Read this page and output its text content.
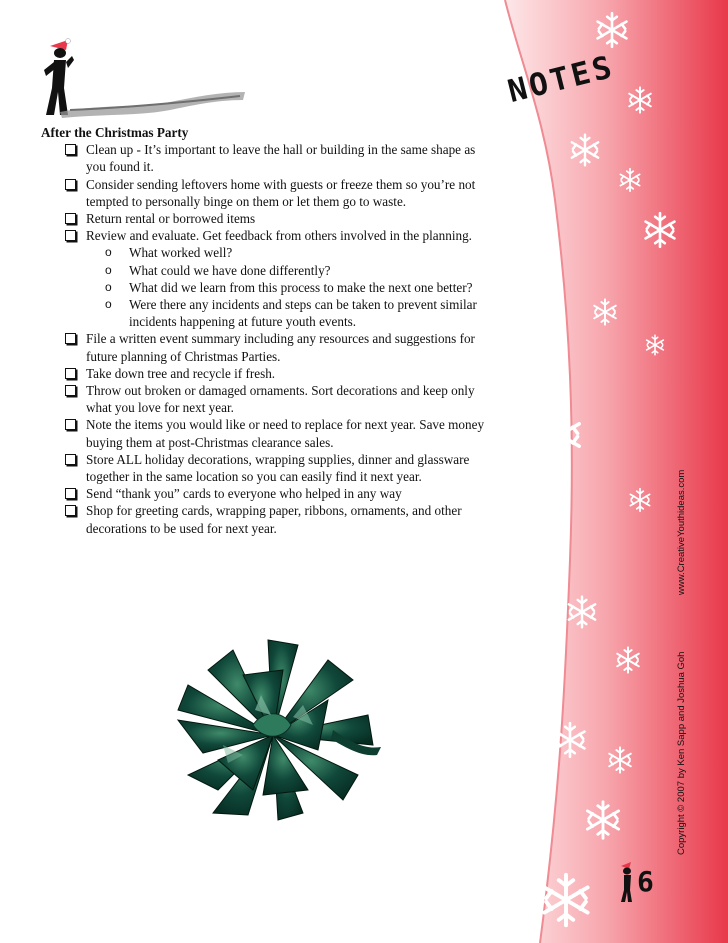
NOTES

After the Christmas Party

Clean up - It’s important to leave the hall or building in the same shape as you found it.
Consider sending leftovers home with guests or freeze them so you’re not tempted to personally binge on them or let them go to waste.
Return rental or borrowed items
Review and evaluate. Get feedback from others involved in the planning.
o What worked well?
o What could we have done differently?
o What did we learn from this process to make the next one better?
o Were there any incidents and steps can be taken to prevent similar incidents happening at future youth events.
File a written event summary including any resources and suggestions for future planning of Christmas Parties.
Take down tree and recycle if fresh.
Throw out broken or damaged ornaments. Sort decorations and keep only what you love for next year.
Note the items you would like or need to replace for next year. Save money buying them at post-Christmas clearance sales.
Store ALL holiday decorations, wrapping supplies, dinner and glassware together in the same location so you can easily find it next year.
Send “thank you” cards to everyone who helped in any way
Shop for greeting cards, wrapping paper, ribbons, ornaments, and other decorations to be used for next year.	www.CreativeYouthideas.com
Copyright © 2007 by Ken Sapp and Joshua Goh
6
